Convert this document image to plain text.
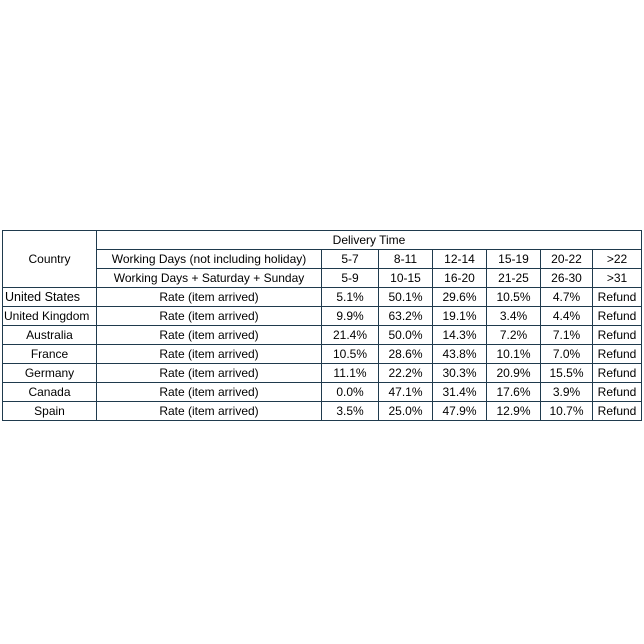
Country	Delivery Time						
	Working Days (not including holiday)	5-7	8-11	12-14	15-19	20-22	>22
	Working Days + Saturday + Sunday	5-9	10-15	16-20	21-25	26-30	>31
United States	Rate (item arrived)	5.1%	50.1%	29.6%	10.5%	4.7%	Refund
United Kingdom	Rate (item arrived)	9.9%	63.2%	19.1%	3.4%	4.4%	Refund
Australia	Rate (item arrived)	21.4%	50.0%	14.3%	7.2%	7.1%	Refund
France	Rate (item arrived)	10.5%	28.6%	43.8%	10.1%	7.0%	Refund
Germany	Rate (item arrived)	11.1%	22.2%	30.3%	20.9%	15.5%	Refund
Canada	Rate (item arrived)	0.0%	47.1%	31.4%	17.6%	3.9%	Refund
Spain	Rate (item arrived)	3.5%	25.0%	47.9%	12.9%	10.7%	Refund
